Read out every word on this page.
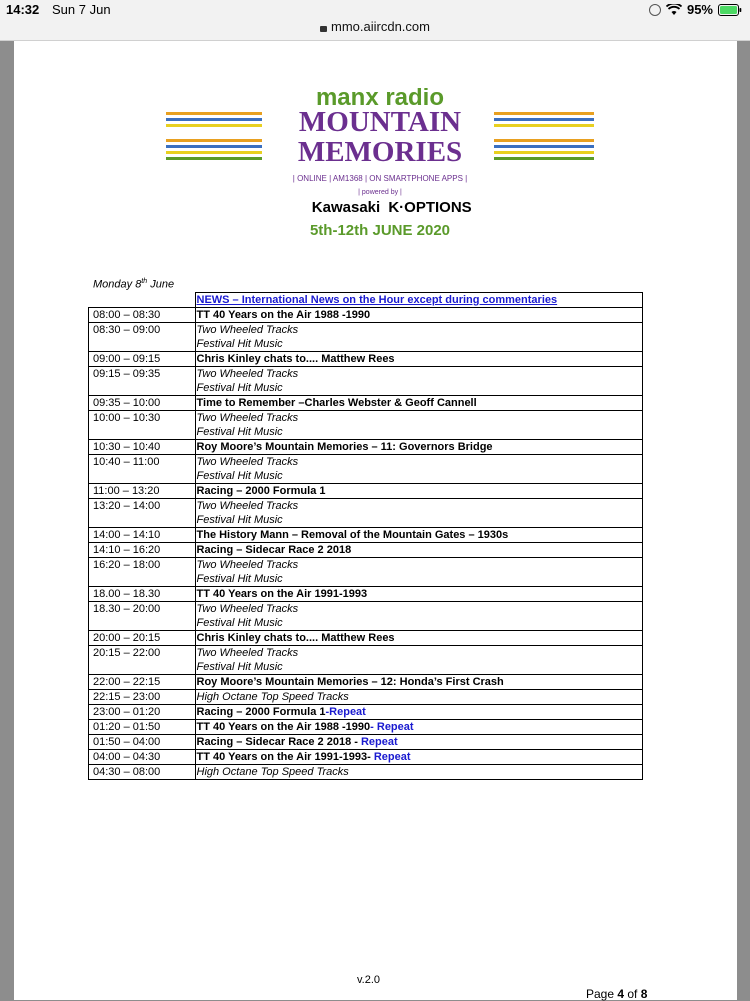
14:32 Sun 7 Jun	95%
mmo.aiircdn.com
manx radio
MOUNTAIN
MEMORIES
| ONLINE | AM1368 | ON SMARTPHONE APPS |
| powered by |
Kawasaki K·OPTIONS
5th-12th JUNE 2020
Monday 8th June
	NEWS – International News on the Hour except during commentaries
08:00 – 08:30	TT 40 Years on the Air 1988 -1990
08:30 – 09:00	Two Wheeled Tracks
Festival Hit Music

09:00 – 09:15	Chris Kinley chats to.... Matthew Rees
09:15 – 09:35	Two Wheeled Tracks
Festival Hit Music

09:35 – 10:00	Time to Remember –Charles Webster & Geoff Cannell
10:00 – 10:30	Two Wheeled Tracks
Festival Hit Music

10:30 – 10:40	Roy Moore’s Mountain Memories – 11: Governors Bridge
10:40 – 11:00	Two Wheeled Tracks
Festival Hit Music

11:00 – 13:20	Racing – 2000 Formula 1
13:20 – 14:00	Two Wheeled Tracks
Festival Hit Music

14:00 – 14:10	The History Mann – Removal of the Mountain Gates – 1930s
14:10 – 16:20	Racing – Sidecar Race 2 2018
16:20 – 18:00	Two Wheeled Tracks
Festival Hit Music

18.00 – 18.30	TT 40 Years on the Air 1991-1993
18.30 – 20:00	Two Wheeled Tracks
Festival Hit Music

20:00 – 20:15	Chris Kinley chats to.... Matthew Rees
20:15 – 22:00	Two Wheeled Tracks
Festival Hit Music

22:00 – 22:15	Roy Moore’s Mountain Memories – 12: Honda’s First Crash
22:15 – 23:00	High Octane Top Speed Tracks

23:00 – 01:20	Racing – 2000 Formula 1-Repeat
01:20 – 01:50	TT 40 Years on the Air 1988 -1990- Repeat
01:50 – 04:00	Racing – Sidecar Race 2 2018 - Repeat
04:00 – 04:30	TT 40 Years on the Air 1991-1993- Repeat
04:30 – 08:00	High Octane Top Speed Tracks
v.2.0
Page 4 of 8
